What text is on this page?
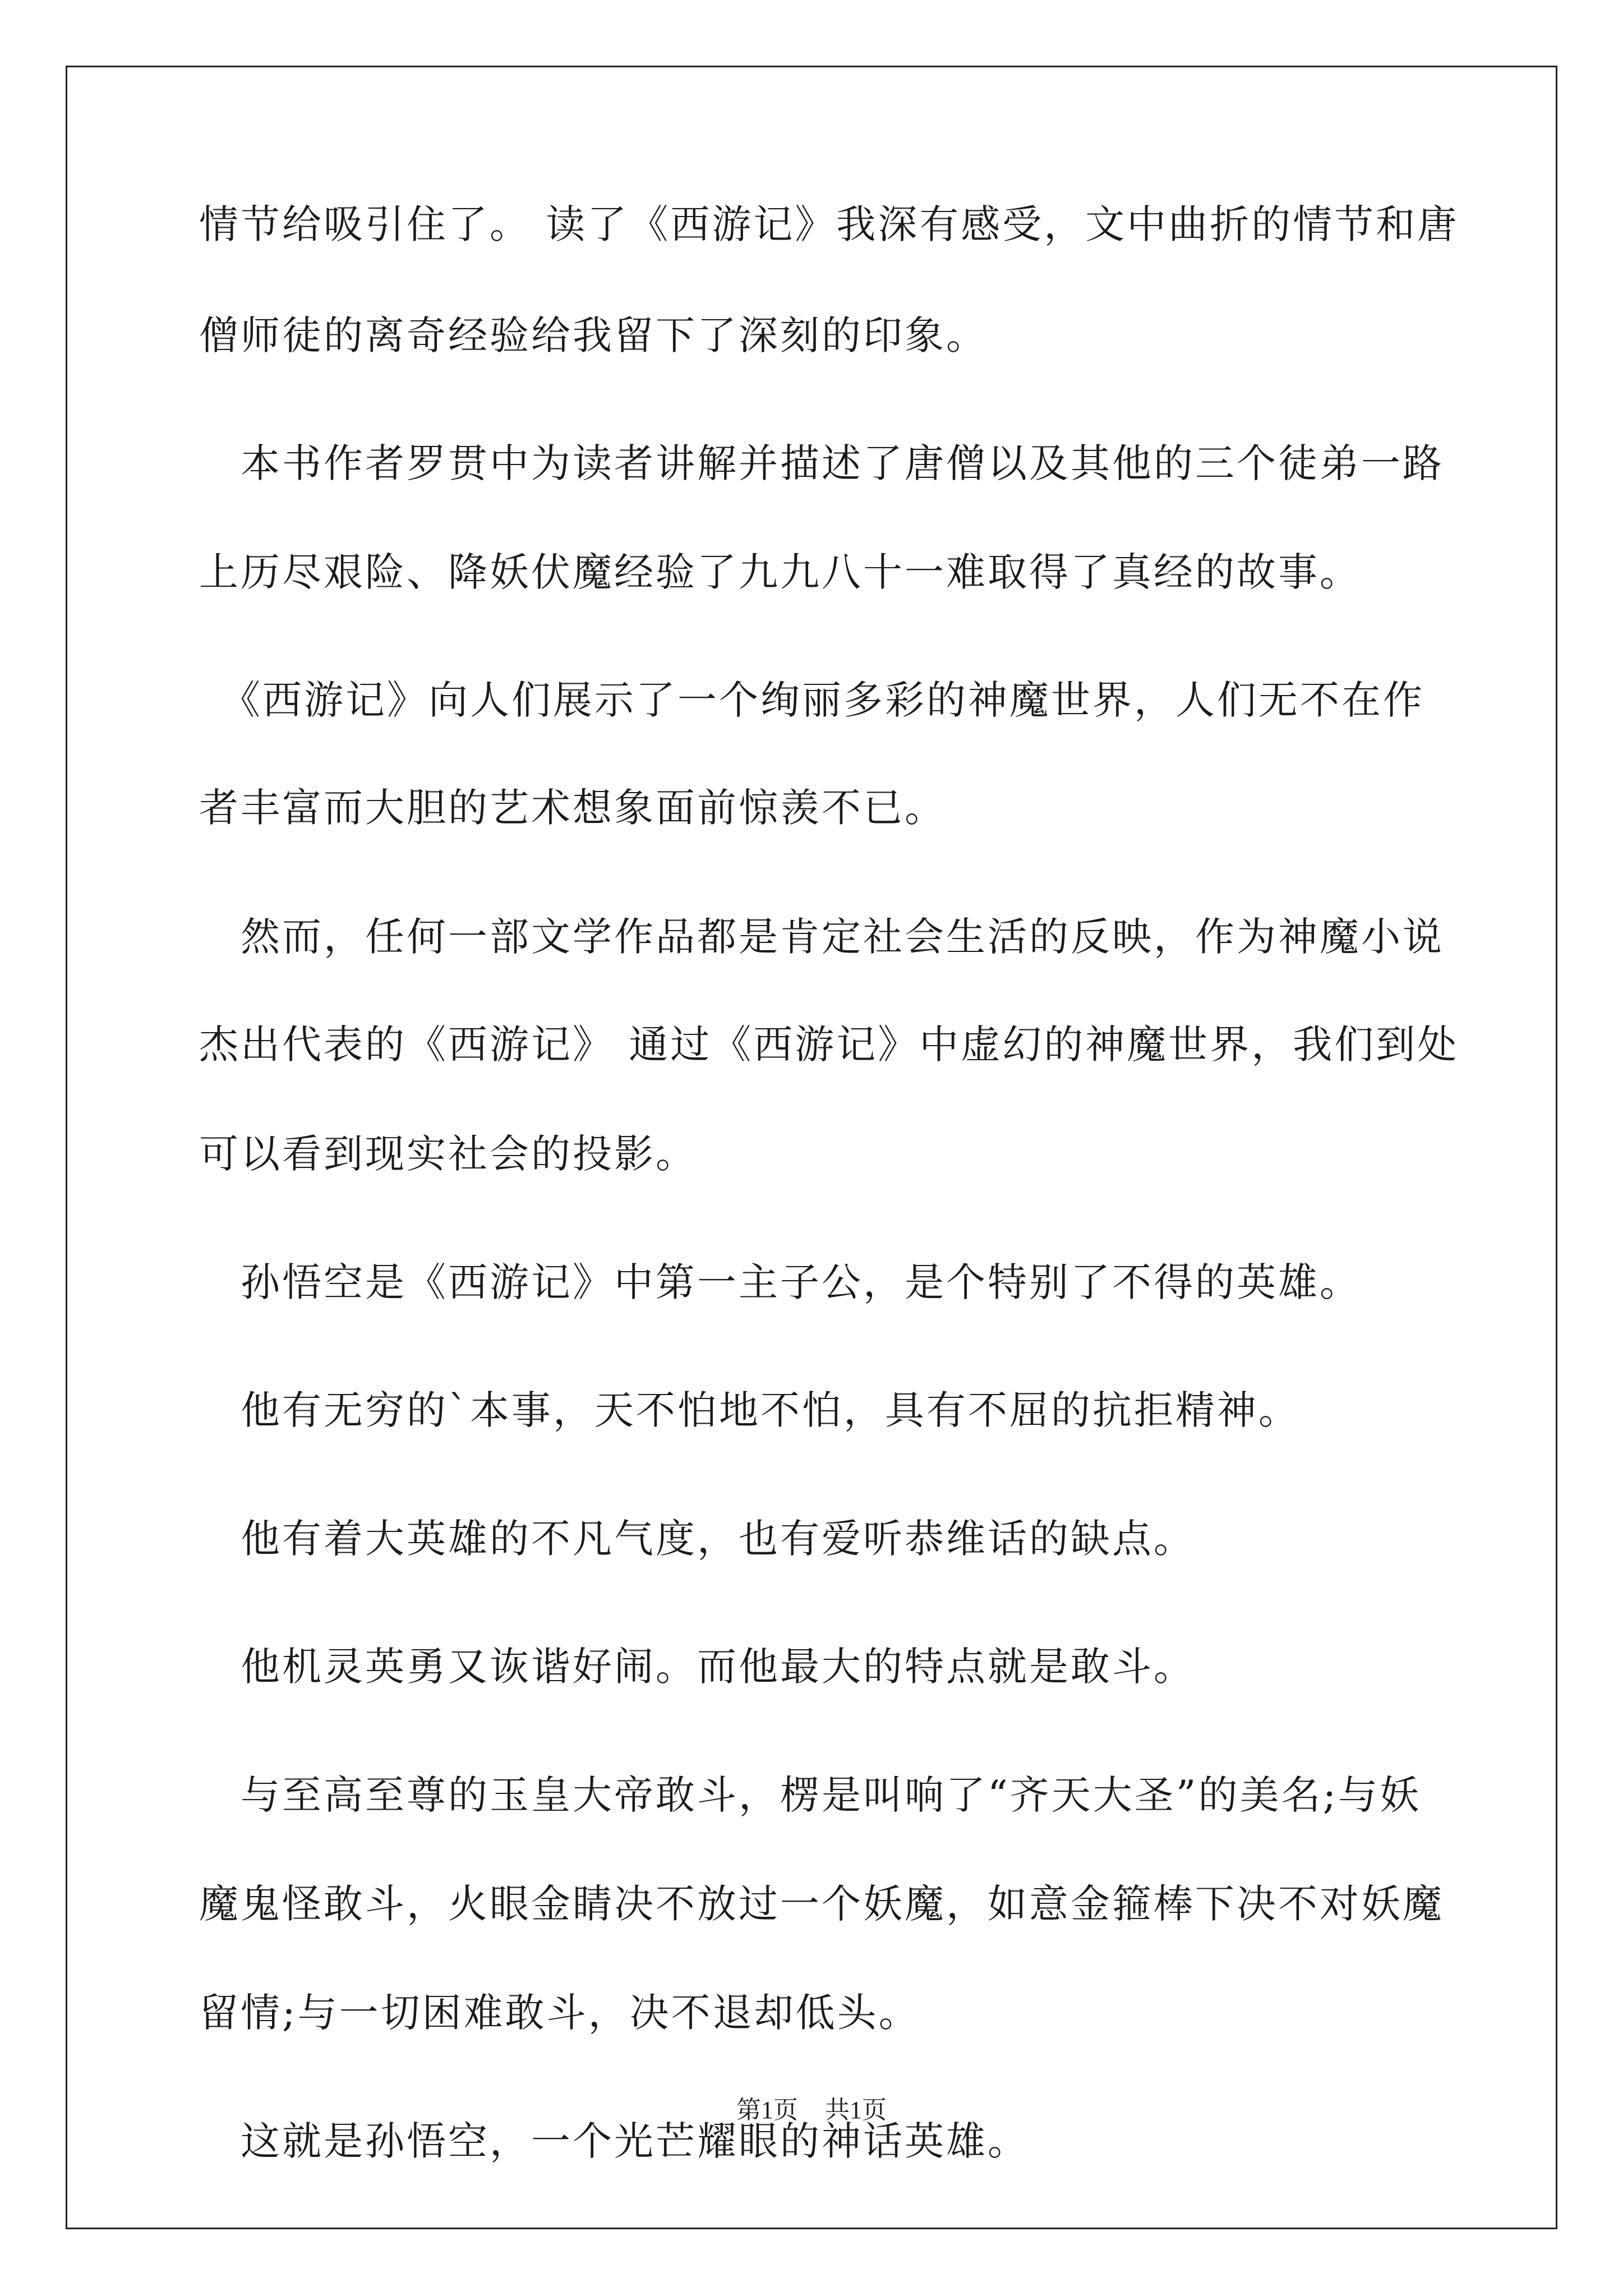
情节给吸引住了。 读了《西游记》我深有感受，文中曲折的情节和唐
僧师徒的离奇经验给我留下了深刻的印象。
　本书作者罗贯中为读者讲解并描述了唐僧以及其他的三个徒弟一路
上历尽艰险、降妖伏魔经验了九九八十一难取得了真经的故事。
　《西游记》向人们展示了一个绚丽多彩的神魔世界，人们无不在作
者丰富而大胆的艺术想象面前惊羡不已。
　然而，任何一部文学作品都是肯定社会生活的反映，作为神魔小说
杰出代表的《西游记》 通过《西游记》中虚幻的神魔世界，我们到处
可以看到现实社会的投影。
　孙悟空是《西游记》中第一主子公，是个特别了不得的英雄。
　他有无穷的`本事，天不怕地不怕，具有不屈的抗拒精神。
　他有着大英雄的不凡气度，也有爱听恭维话的缺点。
　他机灵英勇又诙谐好闹。而他最大的特点就是敢斗。
　与至高至尊的玉皇大帝敢斗，楞是叫响了“齐天大圣”的美名;与妖
魔鬼怪敢斗，火眼金睛决不放过一个妖魔，如意金箍棒下决不对妖魔
留情;与一切困难敢斗，决不退却低头。
　这就是孙悟空，一个光芒耀眼的神话英雄。
第1页 共1页
